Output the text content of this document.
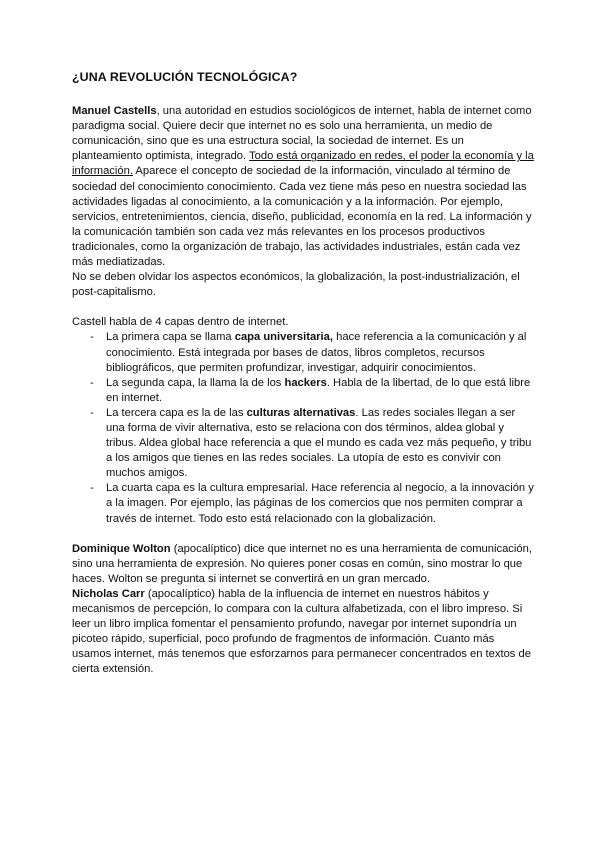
¿UNA REVOLUCIÓN TECNOLÓGICA?

Manuel Castells, una autoridad en estudios sociológicos de internet, habla de internet como paradigma social. Quiere decir que internet no es solo una herramienta, un medio de comunicación, sino que es una estructura social, la sociedad de internet. Es un planteamiento optimista, integrado. Todo está organizado en redes, el poder la economía y la información. Aparece el concepto de sociedad de la información, vinculado al término de sociedad del conocimiento conocimiento. Cada vez tiene más peso en nuestra sociedad las actividades ligadas al conocimiento, a la comunicación y a la información. Por ejemplo, servicios, entretenimientos, ciencia, diseño, publicidad, economía en la red. La información y la comunicación también son cada vez más relevantes en los procesos productivos tradicionales, como la organización de trabajo, las actividades industriales, están cada vez más mediatizadas.

No se deben olvidar los aspectos económicos, la globalización, la post-industrialización, el post-capitalismo.

Castell habla de 4 capas dentro de internet.

- La primera capa se llama capa universitaria, hace referencia a la comunicación y al conocimiento. Está integrada por bases de datos, libros completos, recursos bibliográficos, que permiten profundizar, investigar, adquirir conocimientos.
- La segunda capa, la llama la de los hackers. Habla de la libertad, de lo que está libre en internet.
- La tercera capa es la de las culturas alternativas. Las redes sociales llegan a ser una forma de vivir alternativa, esto se relaciona con dos términos, aldea global y tribus. Aldea global hace referencia a que el mundo es cada vez más pequeño, y tribu a los amigos que tienes en las redes sociales. La utopía de esto es convivir con muchos amigos.
- La cuarta capa es la cultura empresarial. Hace referencia al negocio, a la innovación y a la imagen. Por ejemplo, las páginas de los comercios que nos permiten comprar a través de internet. Todo esto está relacionado con la globalización.

Dominique Wolton (apocalíptico) dice que internet no es una herramienta de comunicación, sino una herramienta de expresión. No quieres poner cosas en común, sino mostrar lo que haces. Wolton se pregunta si internet se convertirá en un gran mercado.

Nicholas Carr (apocalíptico) habla de la influencia de internet en nuestros hábitos y mecanismos de percepción, lo compara con la cultura alfabetizada, con el libro impreso. Si leer un libro implica fomentar el pensamiento profundo, navegar por internet supondría un picoteo rápido, superficial, poco profundo de fragmentos de información. Cuanto más usamos internet, más tenemos que esforzarnos para permanecer concentrados en textos de cierta extensión.
